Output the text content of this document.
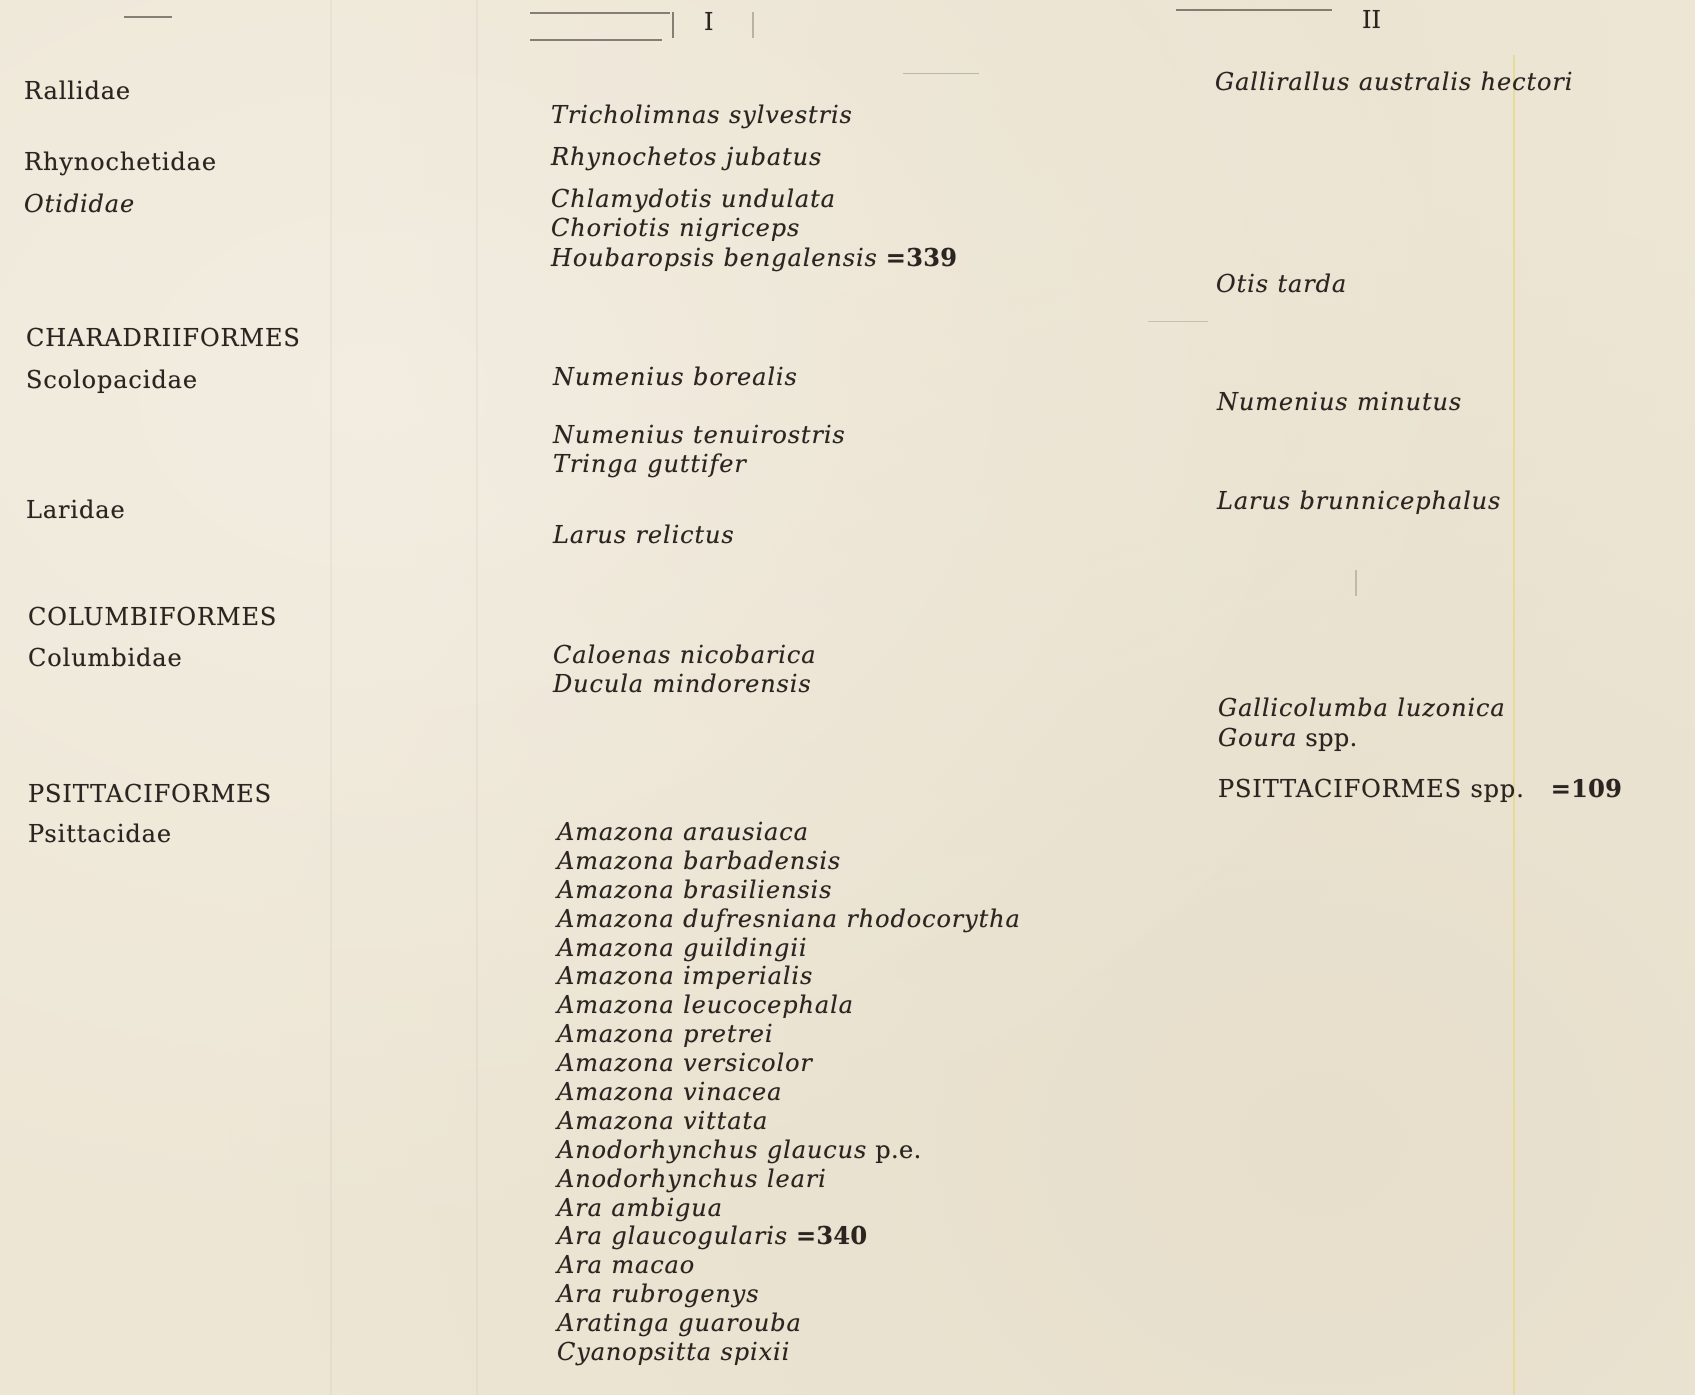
I	II
Rallidae
Rhynochetidae
Otididae
CHARADRIIFORMES
Scolopacidae
Laridae
COLUMBIFORMES
Columbidae
PSITTACIFORMES
Psittacidae
Tricholimnas sylvestris
Rhynochetos jubatus
Chlamydotis undulata
Choriotis nigriceps
Houbaropsis bengalensis =339
Numenius borealis
Numenius tenuirostris
Tringa guttifer
Larus relictus
Caloenas nicobarica
Ducula mindorensis
Amazona arausiaca
Amazona barbadensis
Amazona brasiliensis
Amazona dufresniana rhodocorytha
Amazona guildingii
Amazona imperialis
Amazona leucocephala
Amazona pretrei
Amazona versicolor
Amazona vinacea
Amazona vittata
Anodorhynchus glaucus p.e.
Anodorhynchus leari
Ara ambigua
Ara glaucogularis =340
Ara macao
Ara rubrogenys
Aratinga guarouba
Cyanopsitta spixii
Gallirallus australis hectori
Otis tarda
Numenius minutus
Larus brunnicephalus
Gallicolumba luzonica
Goura spp.
PSITTACIFORMES spp. =109
